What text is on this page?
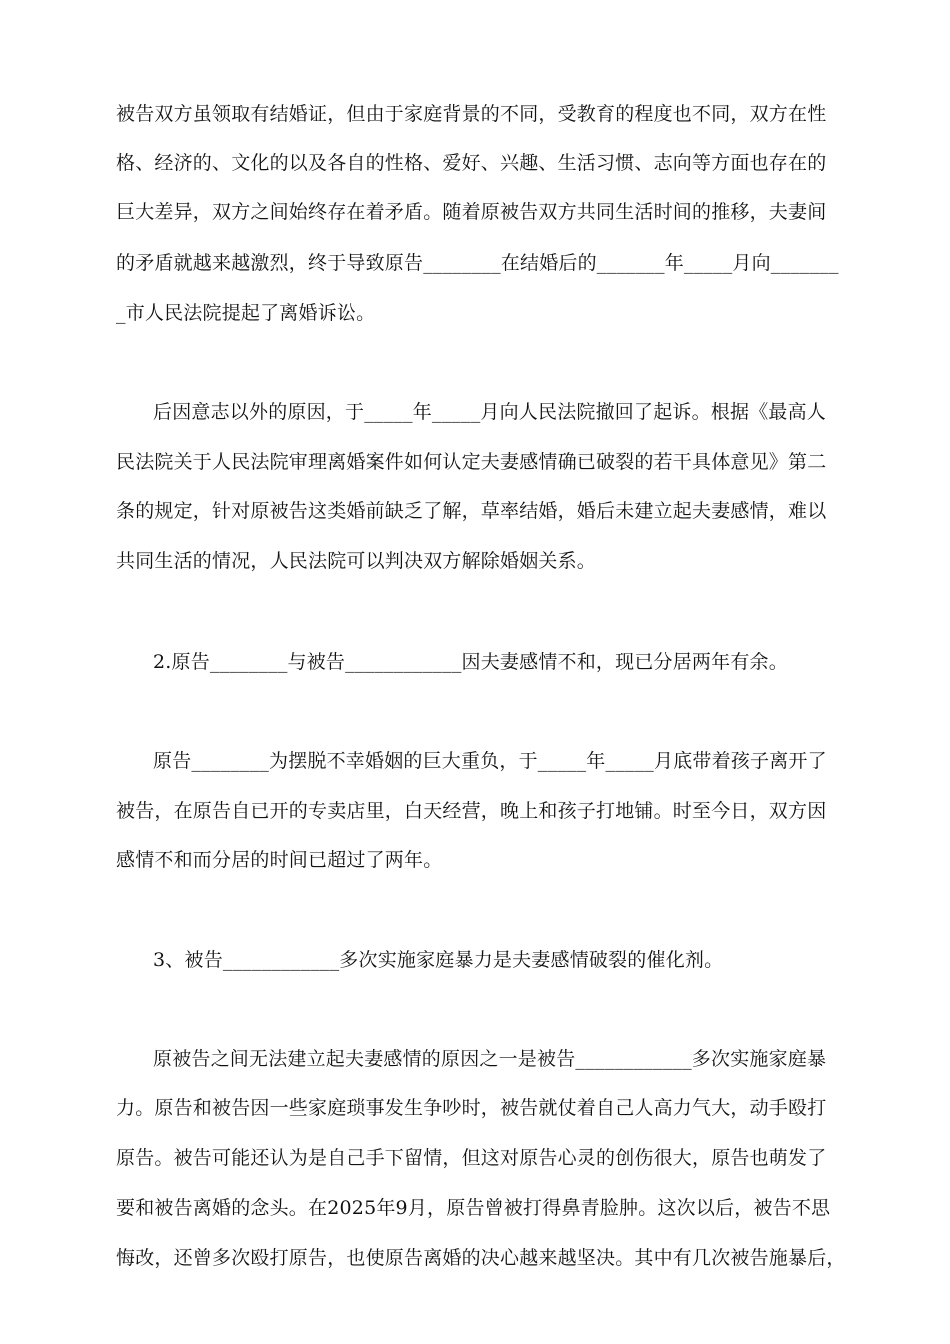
被告双方虽领取有结婚证，但由于家庭背景的不同，受教育的程度也不同，双方在性
格、经济的、文化的以及各自的性格、爱好、兴趣、生活习惯、志向等方面也存在的
巨大差异，双方之间始终存在着矛盾。随着原被告双方共同生活时间的推移，夫妻间
的矛盾就越来越激烈，终于导致原告________在结婚后的_______年_____月向_______
_市人民法院提起了离婚诉讼。
后因意志以外的原因，于_____年_____月向人民法院撤回了起诉。根据《最高人
民法院关于人民法院审理离婚案件如何认定夫妻感情确已破裂的若干具体意见》第二
条的规定，针对原被告这类婚前缺乏了解，草率结婚，婚后未建立起夫妻感情，难以
共同生活的情况，人民法院可以判决双方解除婚姻关系。
2.原告________与被告____________因夫妻感情不和，现已分居两年有余。
原告________为摆脱不幸婚姻的巨大重负，于_____年_____月底带着孩子离开了
被告，在原告自已开的专卖店里，白天经营，晚上和孩子打地铺。时至今日，双方因
感情不和而分居的时间已超过了两年。
3、被告____________多次实施家庭暴力是夫妻感情破裂的催化剂。
原被告之间无法建立起夫妻感情的原因之一是被告____________多次实施家庭暴
力。原告和被告因一些家庭琐事发生争吵时，被告就仗着自己人高力气大，动手殴打
原告。被告可能还认为是自己手下留情，但这对原告心灵的创伤很大，原告也萌发了
要和被告离婚的念头。在2025年9月，原告曾被打得鼻青脸肿。这次以后，被告不思
悔改，还曾多次殴打原告，也使原告离婚的决心越来越坚决。其中有几次被告施暴后，
